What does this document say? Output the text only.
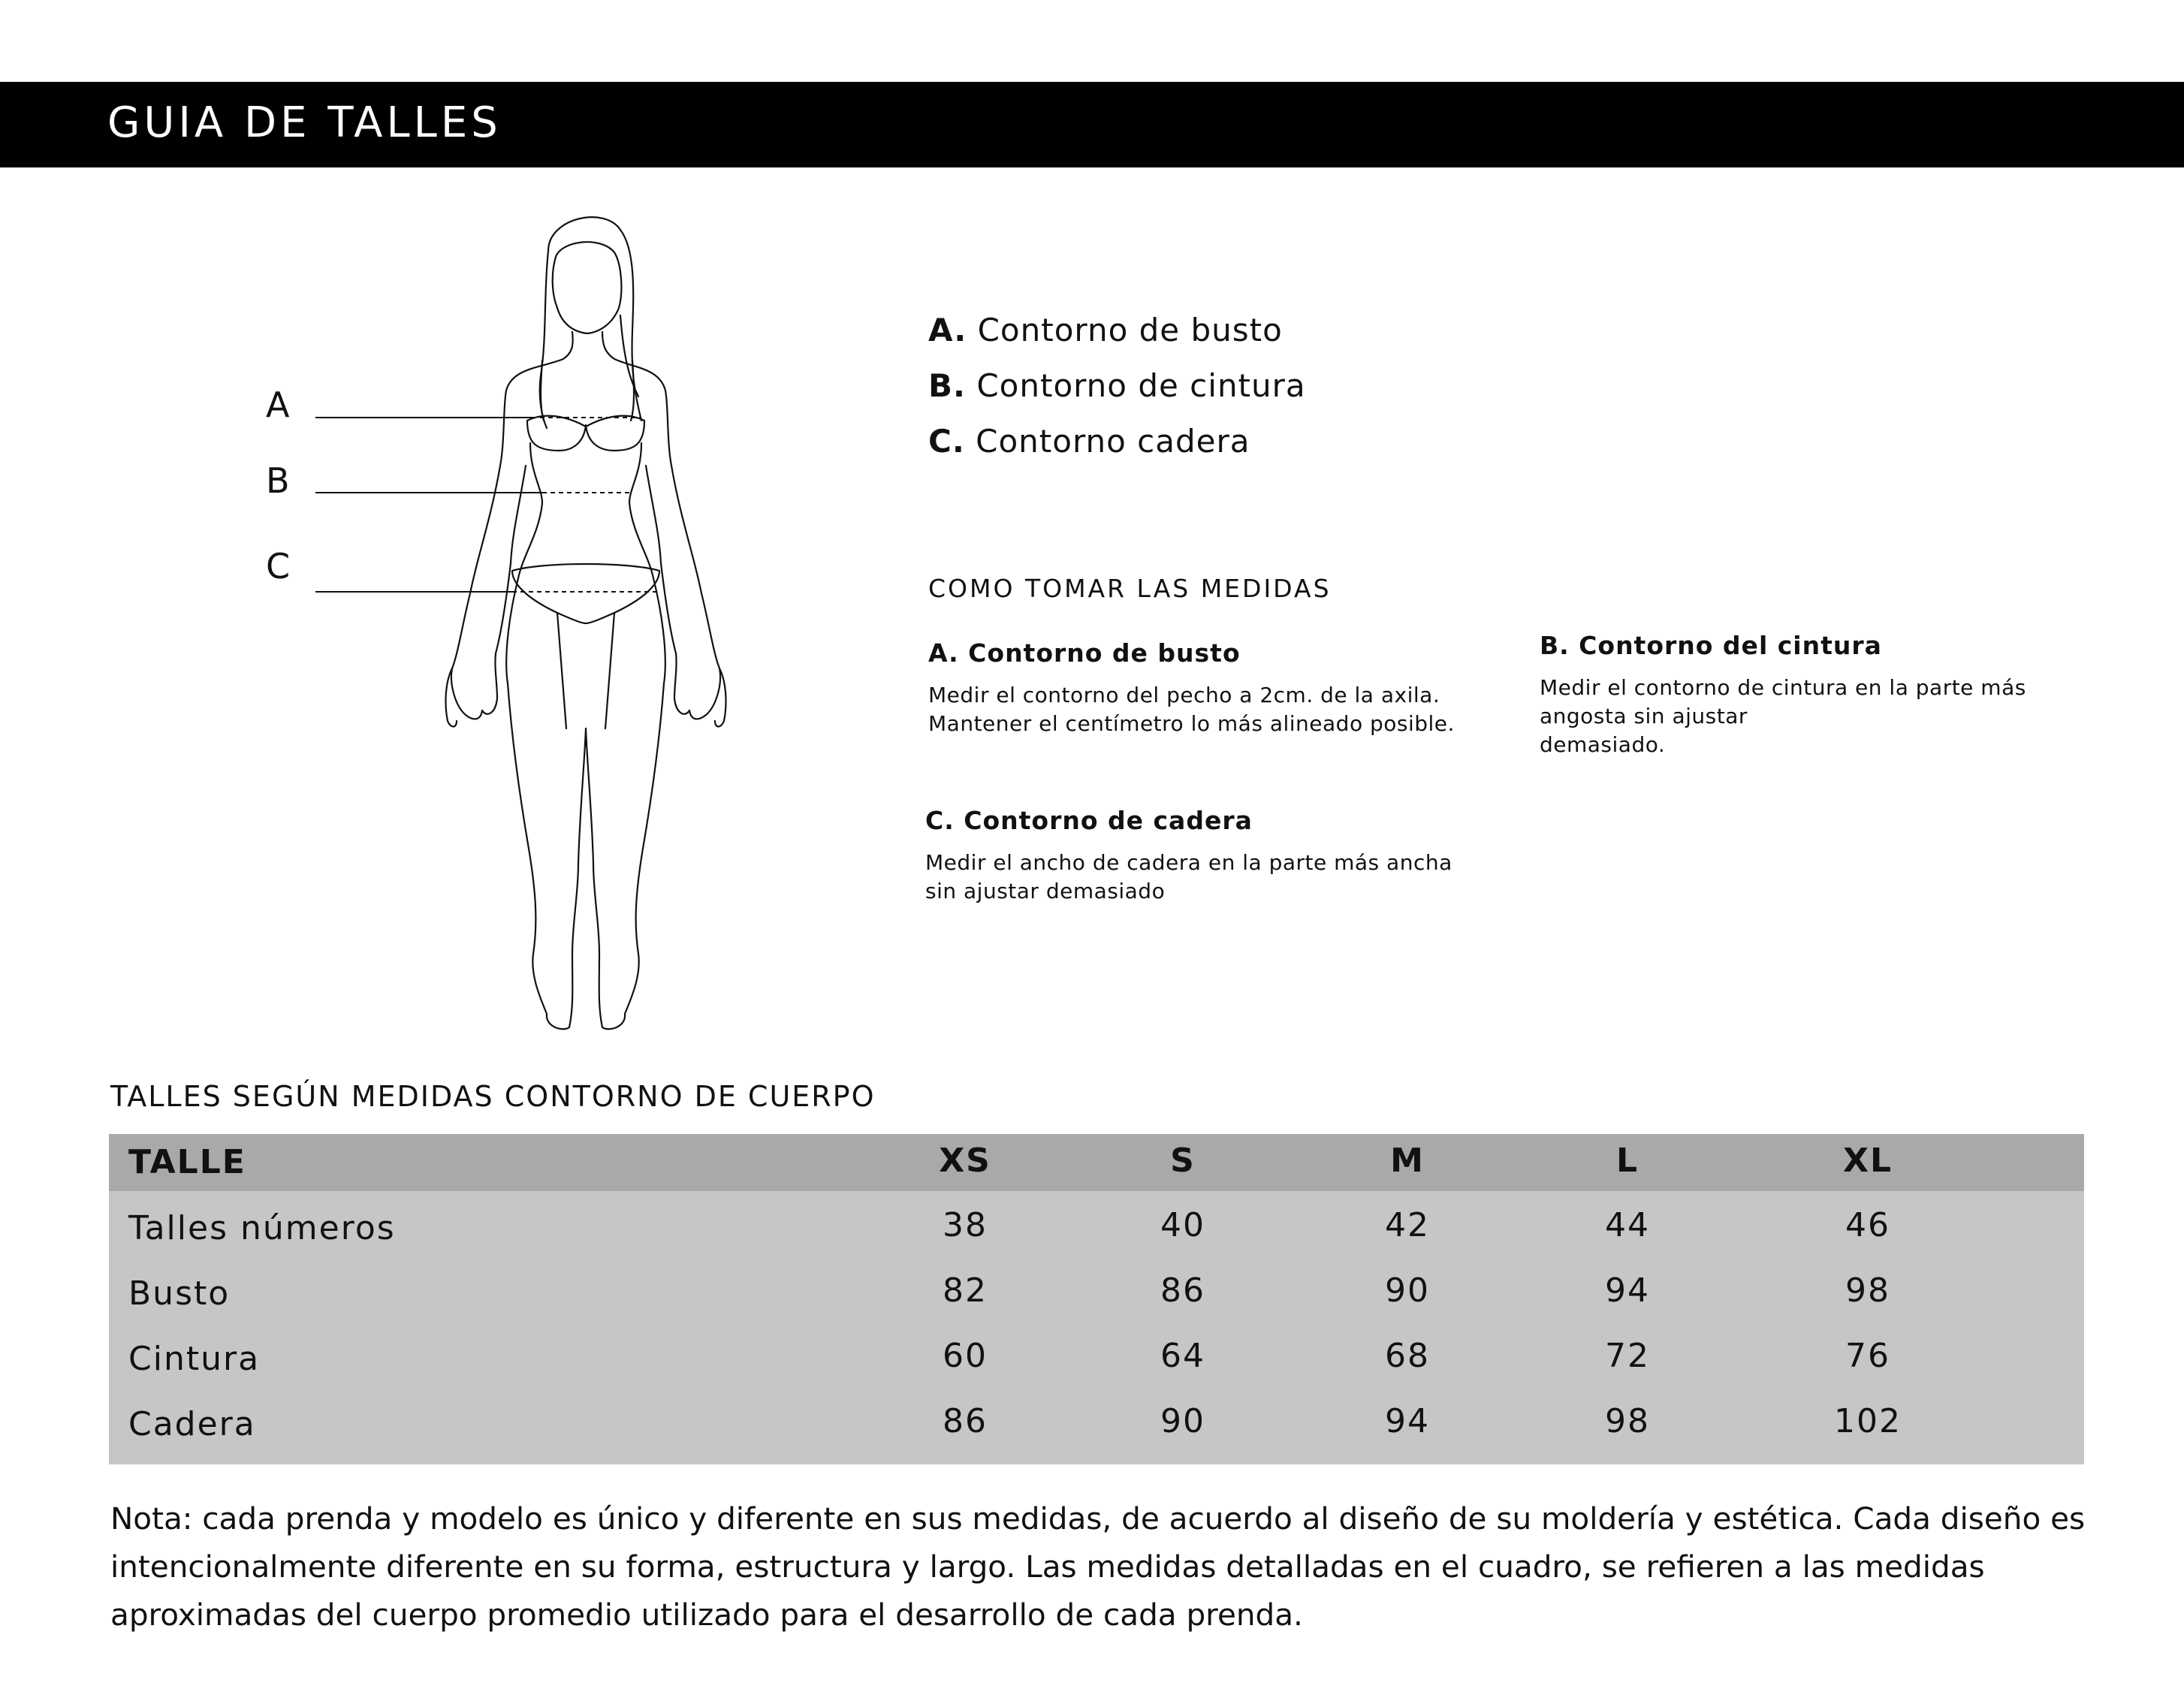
GUIA DE TALLES
A
B
C
A. Contorno de busto
B. Contorno de cintura
C. Contorno cadera
COMO TOMAR LAS MEDIDAS
A. Contorno de busto
Medir el contorno del pecho a 2cm. de la axila.
Mantener el centímetro lo más alineado posible.
B. Contorno del cintura
Medir el contorno de cintura en la parte más
angosta sin ajustar
demasiado.
C. Contorno de cadera
Medir el ancho de cadera en la parte más ancha
sin ajustar demasiado
TALLES SEGÚN MEDIDAS CONTORNO DE CUERPO
TALLE	XS	S	M	L	XL
Talles números	38	40	42	44	46
Busto	82	86	90	94	98
Cintura	60	64	68	72	76
Cadera	86	90	94	98	102
Nota: cada prenda y modelo es único y diferente en sus medidas, de acuerdo al diseño de su moldería y estética. Cada diseño es intencionalmente diferente en su forma, estructura y largo. Las medidas detalladas en el cuadro, se refieren a las medidas aproximadas del cuerpo promedio utilizado para el desarrollo de cada prenda.
